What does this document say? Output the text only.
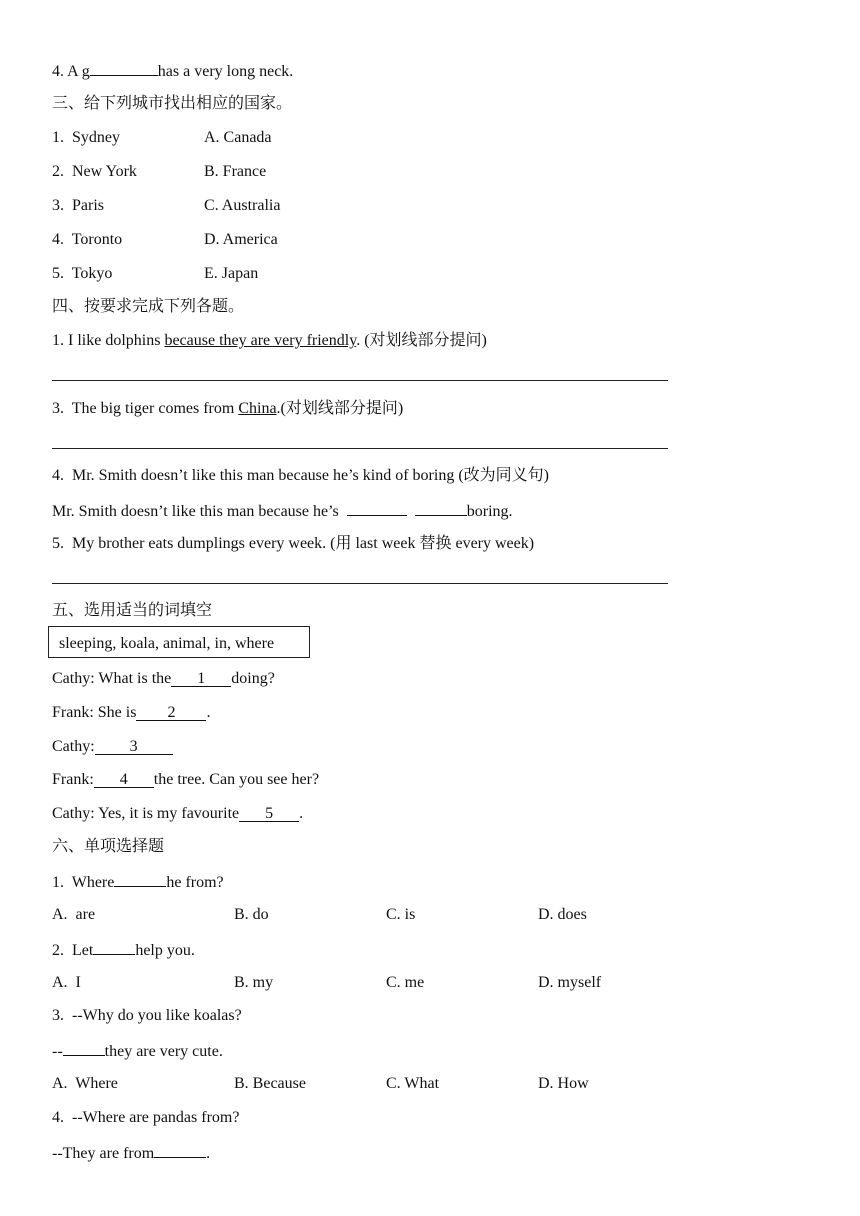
4. A g	has a very long neck.
三、给下列城市找出相应的国家。
1.  Sydney	A. Canada
2.  New York	B. France
3.  Paris	C. Australia
4.  Toronto	D. America
5.  Tokyo	E. Japan
四、按要求完成下列各题。
1. I like dolphins because they are very friendly. (对划线部分提问)
3.  The big tiger comes from China.(对划线部分提问)
4.  Mr. Smith doesn’t like this man because he’s kind of boring (改为同义句)
Mr. Smith doesn’t like this man because he’s	boring.
5.  My brother eats dumplings every week. (用 last week 替换 every week)
五、选用适当的词填空
sleeping, koala, animal, in, where
Cathy: What is the 1 doing?
Frank: She is 2 .
Cathy: 3
Frank: 4 the tree. Can you see her?
Cathy: Yes, it is my favourite 5 .
六、单项选择题
1.  Where	he from?
A.  are	B. do	C. is	D. does
2.  Let	help you.
A.  I	B. my	C. me	D. myself
3.  --Why do you like koalas?
--	they are very cute.
A.  Where	B. Because	C. What	D. How
4.  --Where are pandas from?
--They are from	.
